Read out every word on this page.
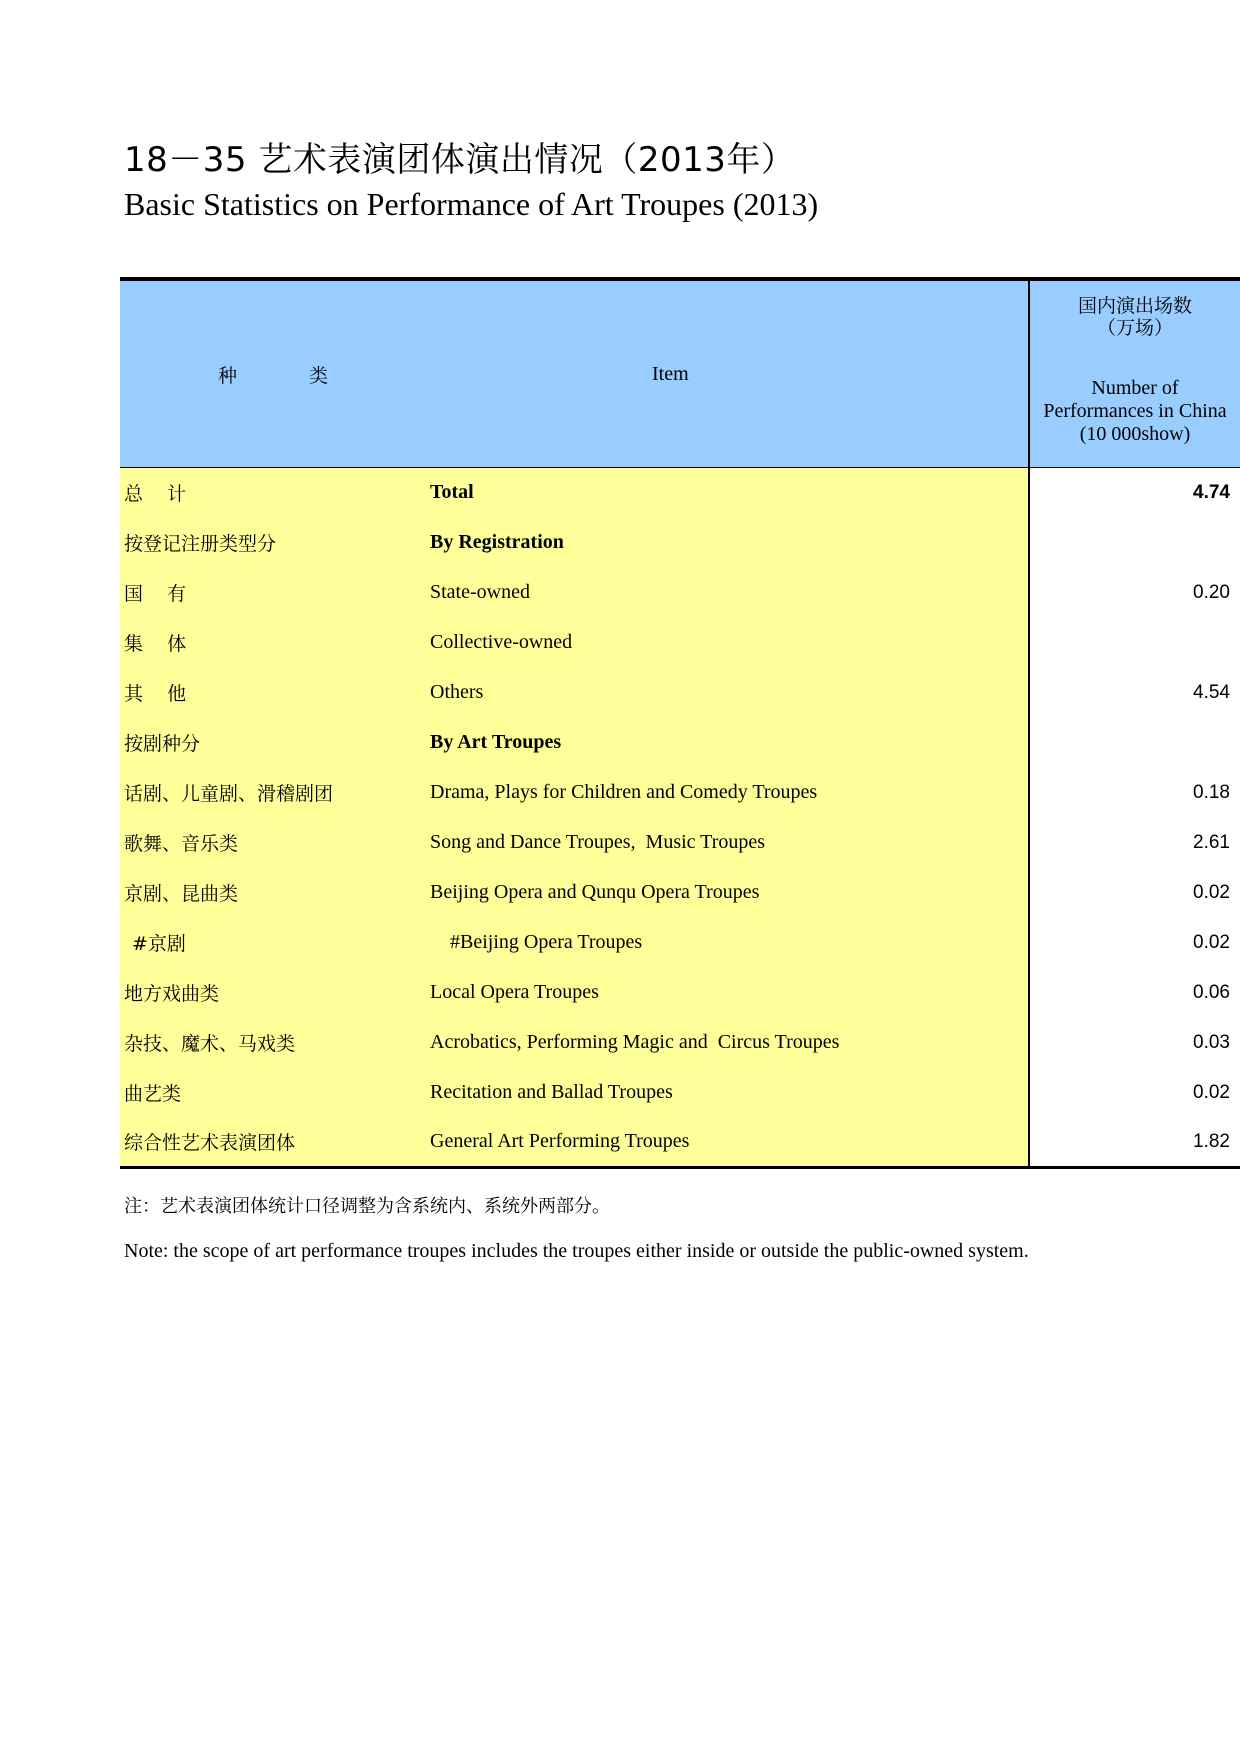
18－35 艺术表演团体演出情况（2013年）
Basic Statistics on Performance of Art Troupes (2013)
种 类	Item	国内演出场数
（万场）
Number of
Performances in China
(10 000show)

总    计	Total	4.74
按登记注册类型分	By Registration	
国    有	State-owned	0.20
集    体	Collective-owned	
其    他	Others	4.54
按剧种分	By Art Troupes	
话剧、儿童剧、滑稽剧团	Drama, Plays for Children and Comedy Troupes	0.18
歌舞、音乐类	Song and Dance Troupes,  Music Troupes	2.61
京剧、昆曲类	Beijing Opera and Qunqu Opera Troupes	0.02
#京剧	#Beijing Opera Troupes	0.02
地方戏曲类	Local Opera Troupes	0.06
杂技、魔术、马戏类	Acrobatics, Performing Magic and  Circus Troupes	0.03
曲艺类	Recitation and Ballad Troupes	0.02
综合性艺术表演团体	General Art Performing Troupes	1.82
注：艺术表演团体统计口径调整为含系统内、系统外两部分。
Note: the scope of art performance troupes includes the troupes either inside or outside the public-owned system.
